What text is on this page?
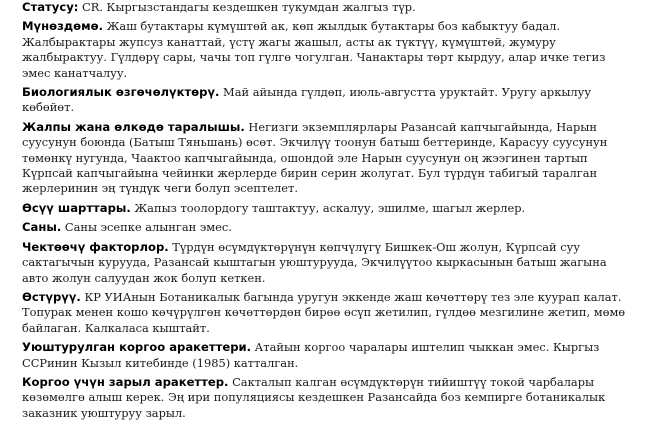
Статусу: CR. Кыргызстандагы кездешкен тукумдан жалгыз түр.

Мүнөздөмө. Жаш бутактары күмүштөй ак, көп жылдык бутактары боз кабыктуу бадал. Жалбырактары жупсуз канаттай, үстү жагы жашыл, асты ак түктүү, күмүштөй, жумуру жалбырактуу. Гүлдөрү сары, чачы топ гүлгө чогулган. Чанактары төрт кырдуу, алар ичке тегиз эмес канатчалуу.

Биологиялык өзгөчөлүктөрү. Май айында гүлдөп, июль-августта уруктайт. Уругу аркылуу көбөйөт.

Жалпы жана өлкөдө таралышы. Негизги экземплярлары Разансай капчыгайында, Нарын суусунун боюнда (Батыш Тяньшань) өсөт. Экчилүү тоонун батыш беттеринде, Карасуу суусунун төмөнкү нугунда, Чаактоо капчыгайында, ошондой эле Нарын суусунун оң жээгинен тартып Күрпсай капчыгайына чейинки жерлерде бирин серин жолугат. Бул түрдүн табигый таралган жерлеринин эң түндүк чеги болуп эсептелет.

Өсүү шарттары. Жапыз тоолордогу таштактуу, аскалуу, эшилме, шагыл жерлер.

Саны. Саны эсепке алынган эмес.

Чектөөчү факторлор. Түрдүн өсүмдүктөрүнүн көпчүлүгү Бишкек-Ош жолун, Күрпсай суу сактагычын куруудa, Разансай кыштагын уюштурууда, Экчилүүтоо кыркасынын батыш жагына авто жолун салуудан жок болуп кеткен.

Өстүрүү. КР УИАнын Ботаникалык багында уругун эккенде жаш көчөттөрү тез эле куурап калат. Топурак менен кошо көчүрүлгөн көчөттөрдөн бирөө өсүп жетилип, гүлдөө мезгилине жетип, мөмө байлаган. Калкаласа кыштайт.

Уюштурулган коргоо аракеттери. Атайын коргоо чаралары иштелип чыккан эмес. Кыргыз ССРинин Кызыл китебинде (1985) катталган.

Коргоо үчүн зарыл аракеттер. Сакталып калган өсүмдүктөрүн тийиштүү токой чарбалары көзөмөлгө алыш керек. Эң ири популяциясы кездешкен Разансайда боз кемпирге ботаникалык заказник уюштуруу зарыл.
